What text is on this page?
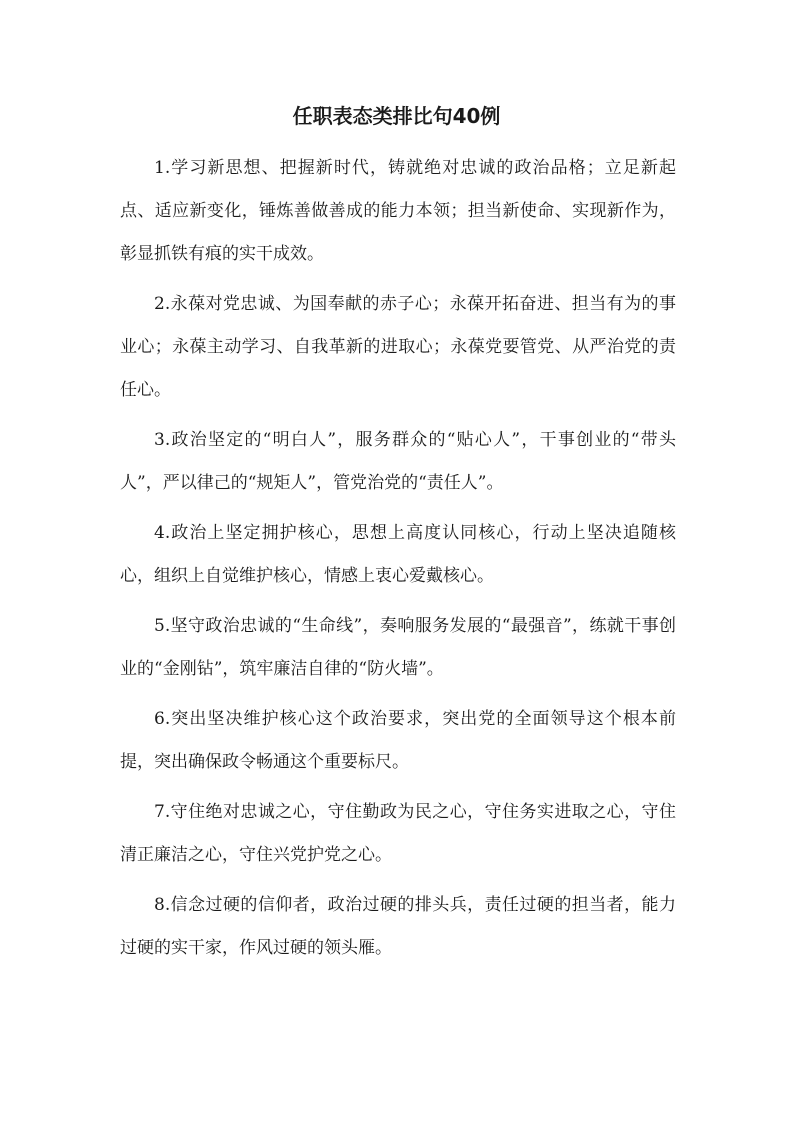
任职表态类排比句40例

1.学习新思想、把握新时代，铸就绝对忠诚的政治品格；立足新起点、适应新变化，锤炼善做善成的能力本领；担当新使命、实现新作为，彰显抓铁有痕的实干成效。

2.永葆对党忠诚、为国奉献的赤子心；永葆开拓奋进、担当有为的事业心；永葆主动学习、自我革新的进取心；永葆党要管党、从严治党的责任心。

3.政治坚定的“明白人”，服务群众的“贴心人”，干事创业的“带头人”，严以律己的“规矩人”，管党治党的“责任人”。

4.政治上坚定拥护核心，思想上高度认同核心，行动上坚决追随核心，组织上自觉维护核心，情感上衷心爱戴核心。

5.坚守政治忠诚的“生命线”，奏响服务发展的“最强音”，练就干事创业的“金刚钻”，筑牢廉洁自律的“防火墙”。

6.突出坚决维护核心这个政治要求，突出党的全面领导这个根本前提，突出确保政令畅通这个重要标尺。

7.守住绝对忠诚之心，守住勤政为民之心，守住务实进取之心，守住清正廉洁之心，守住兴党护党之心。

8.信念过硬的信仰者，政治过硬的排头兵，责任过硬的担当者，能力过硬的实干家，作风过硬的领头雁。
